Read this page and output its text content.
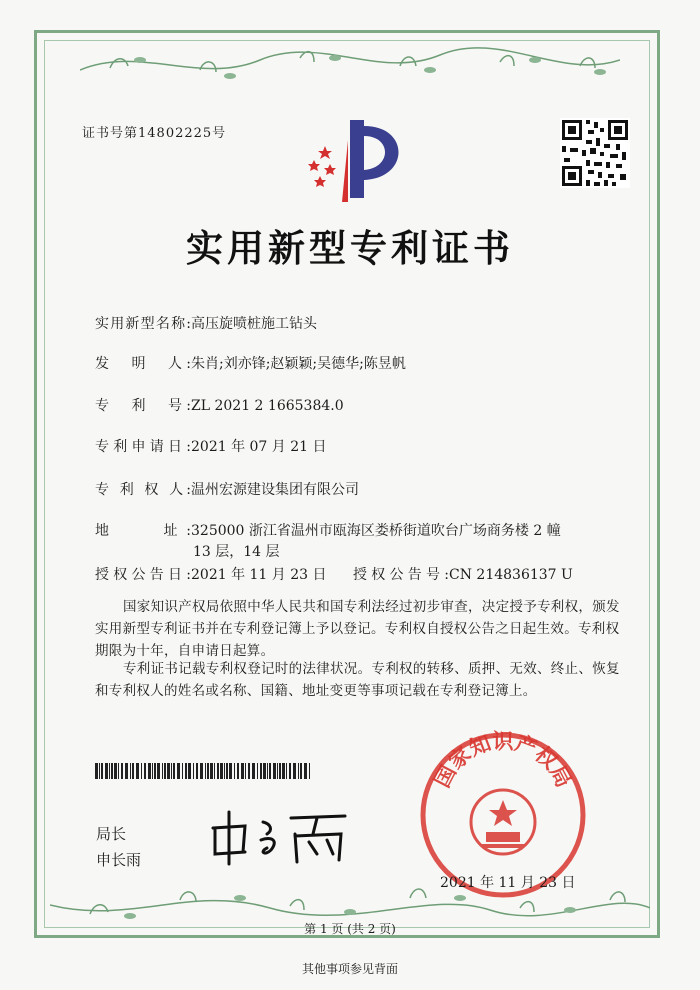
证书号第14802225号
实用新型专利证书
实用新型名称:高压旋喷桩施工钻头
发　明　人:朱肖;刘亦锋;赵颖颖;吴德华;陈昱帆
专　利　号:ZL 2021 2 1665384.0
专利申请日:2021 年 07 月 21 日
专 利 权 人:温州宏源建设集团有限公司
地　　址:325000 浙江省温州市瓯海区娄桥街道吹台广场商务楼 2 幢
13 层，14 层
授权公告日:2021 年 11 月 23 日 授权公告号:CN 214836137 U
国家知识产权局依照中华人民共和国专利法经过初步审查，决定授予专利权，颁发实用新型专利证书并在专利登记簿上予以登记。专利权自授权公告之日起生效。专利权期限为十年，自申请日起算。
专利证书记载专利权登记时的法律状况。专利权的转移、质押、无效、终止、恢复和专利权人的姓名或名称、国籍、地址变更等事项记载在专利登记簿上。
局长
申长雨
国家知识产权局
2021 年 11 月 23 日
第 1 页 (共 2 页)
其他事项参见背面
